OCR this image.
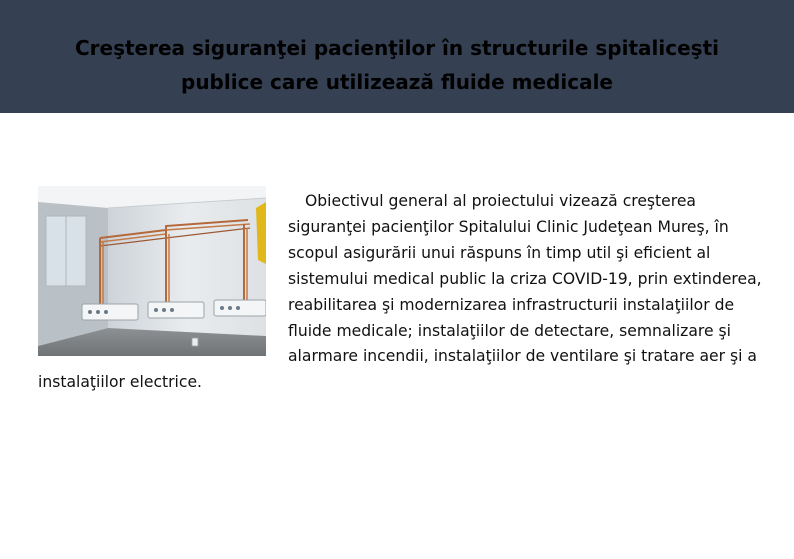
Creşterea siguranţei pacienţilor în structurile spitaliceşti
publice care utilizează fluide medicale

Obiectivul general al proiectului vizează creşterea siguranţei pacienţilor Spitalului Clinic Judeţean Mureş, în scopul asigurării unui răspuns în timp util şi eficient al sistemului medical public la criza COVID-19, prin extinderea, reabilitarea şi modernizarea infrastructurii instalaţiilor de fluide medicale; instalaţiilor de detectare, semnalizare şi alarmare incendii, instalaţiilor de ventilare şi tratare aer şi a instalaţiilor electrice.
